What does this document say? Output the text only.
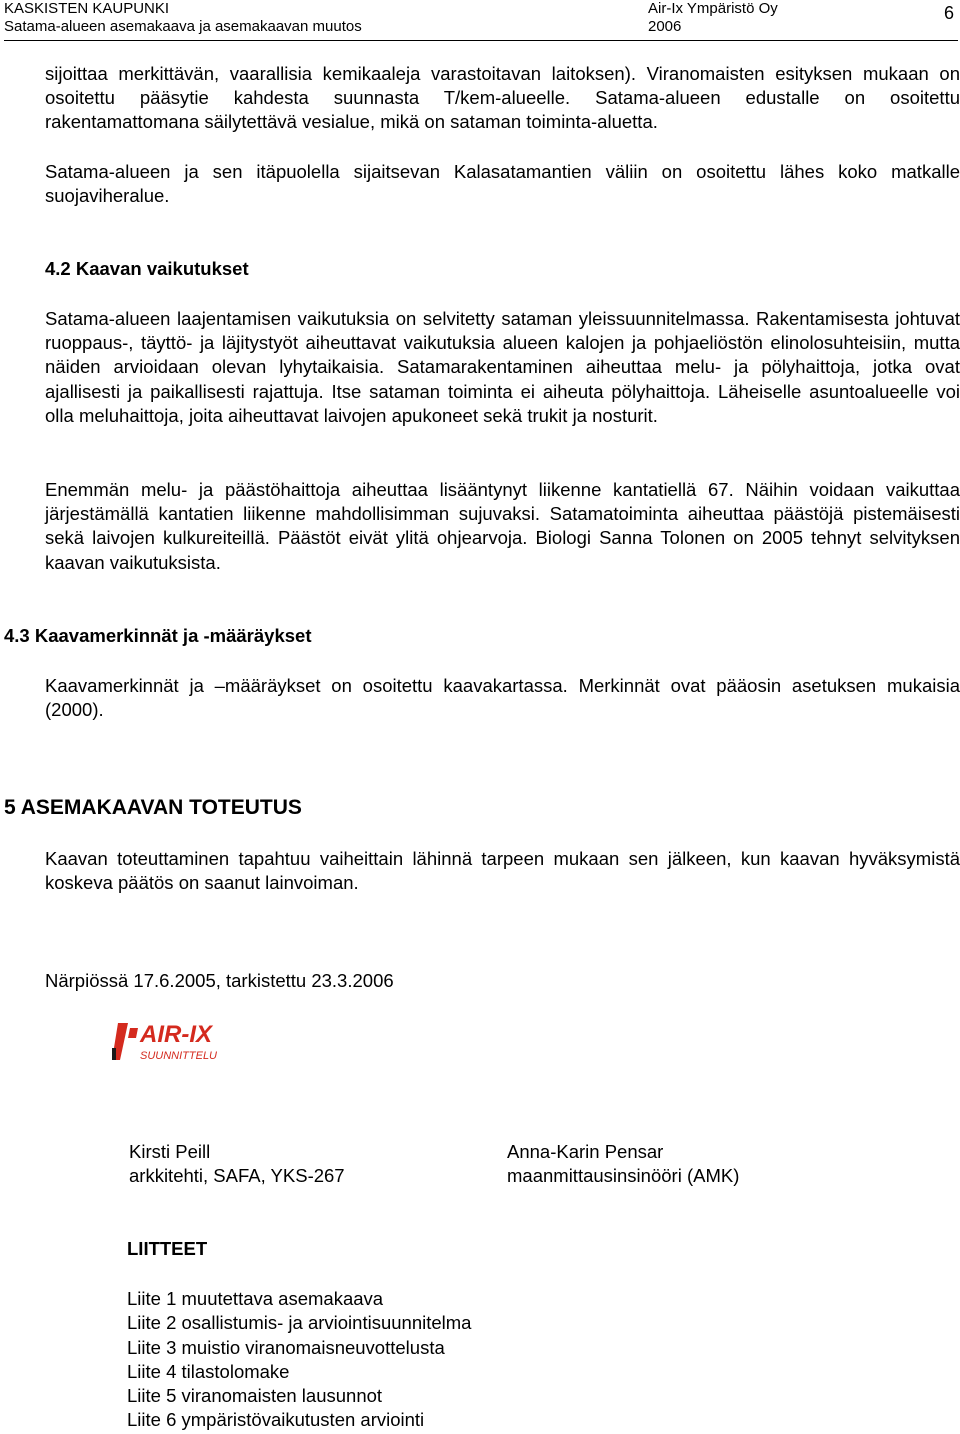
KASKISTEN KAUPUNKI
Satama-alueen asemakaava ja asemakaavan muutos
Air-Ix Ympäristö Oy
2006
6

sijoittaa merkittävän, vaarallisia kemikaaleja varastoitavan laitoksen). Viranomaisten esityksen mukaan on osoitettu pääsytie kahdesta suunnasta T/kem-alueelle. Satama-alueen edustalle on osoitettu rakentamattomana säilytettävä vesialue, mikä on sataman toiminta-aluetta.

Satama-alueen ja sen itäpuolella sijaitsevan Kalasatamantien väliin on osoitettu lähes koko matkalle suojaviheralue.

4.2 Kaavan vaikutukset

Satama-alueen laajentamisen vaikutuksia on selvitetty sataman yleissuunnitelmassa. Rakentamisesta johtuvat ruoppaus-, täyttö- ja läjitystyöt aiheuttavat vaikutuksia alueen kalojen ja pohjaeliöstön elinolosuhteisiin, mutta näiden arvioidaan olevan lyhytaikaisia. Satamarakentaminen aiheuttaa melu- ja pölyhaittoja, jotka ovat ajallisesti ja paikallisesti rajattuja. Itse sataman toiminta ei aiheuta pölyhaittoja. Läheiselle asuntoalueelle voi olla meluhaittoja, joita aiheuttavat laivojen apukoneet sekä trukit ja nosturit.

Enemmän melu- ja päästöhaittoja aiheuttaa lisääntynyt liikenne kantatiellä 67. Näihin voidaan vaikuttaa järjestämällä kantatien liikenne mahdollisimman sujuvaksi. Satamatoiminta aiheuttaa päästöjä pistemäisesti sekä laivojen kulkureiteillä. Päästöt eivät ylitä ohjearvoja. Biologi Sanna Tolonen on 2005 tehnyt selvityksen kaavan vaikutuksista.

4.3 Kaavamerkinnät ja -määräykset

Kaavamerkinnät ja –määräykset on osoitettu kaavakartassa. Merkinnät ovat pääosin asetuksen mukaisia (2000).

5 ASEMAKAAVAN TOTEUTUS

Kaavan toteuttaminen tapahtuu vaiheittain lähinnä tarpeen mukaan sen jälkeen, kun kaavan hyväksymistä koskeva päätös on saanut lainvoiman.

Närpiössä 17.6.2005, tarkistettu 23.3.2006
AIR-IX
SUUNNITTELU
Kirsti Peill
arkkitehti, SAFA, YKS-267
Anna-Karin Pensar
maanmittausinsinööri (AMK)
LIITTEET
Liite 1 muutettava asemakaava
Liite 2 osallistumis- ja arviointisuunnitelma
Liite 3 muistio viranomaisneuvottelusta
Liite 4 tilastolomake
Liite 5 viranomaisten lausunnot
Liite 6 ympäristövaikutusten arviointi
